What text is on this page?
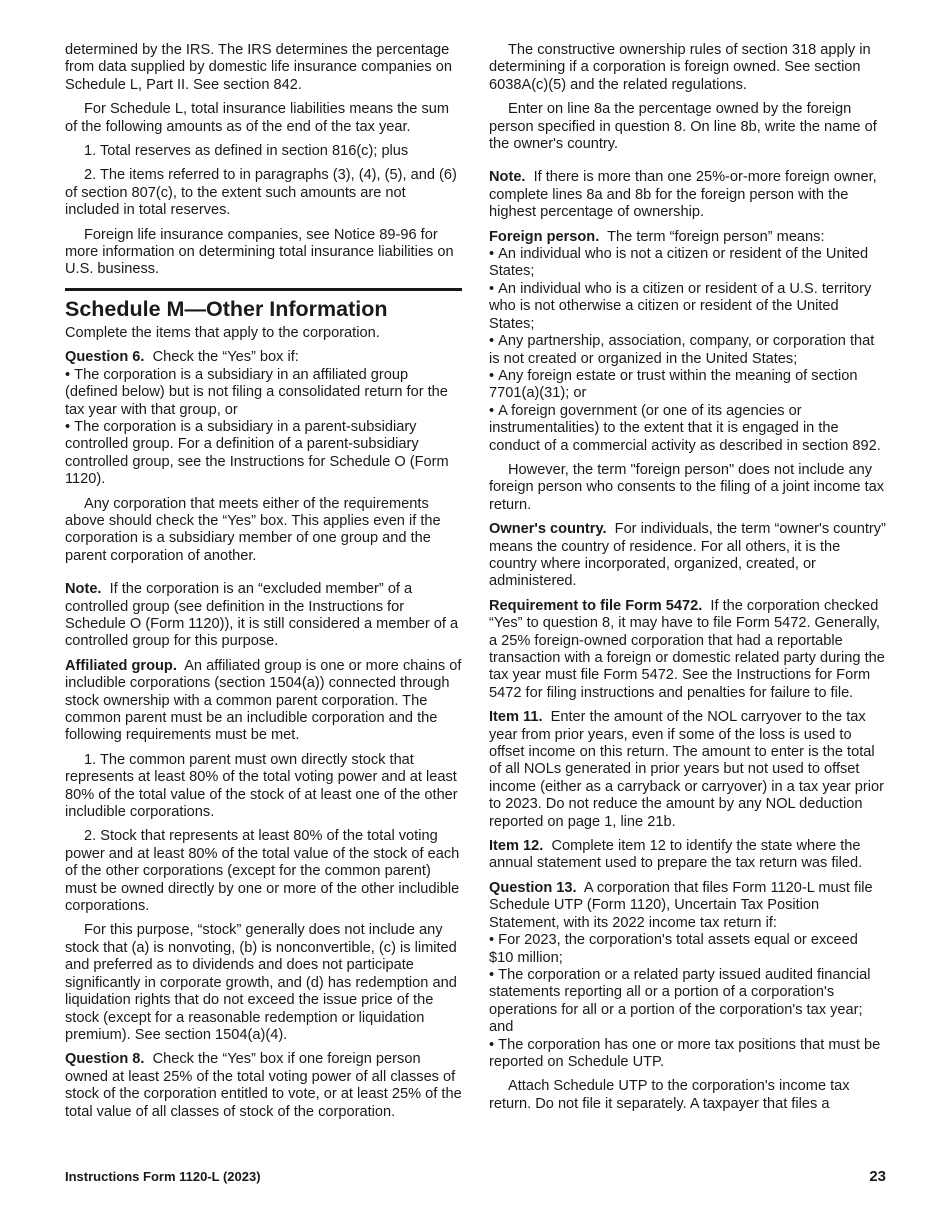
determined by the IRS. The IRS determines the percentage from data supplied by domestic life insurance companies on Schedule L, Part II. See section 842.

For Schedule L, total insurance liabilities means the sum of the following amounts as of the end of the tax year.

1. Total reserves as defined in section 816(c); plus

2. The items referred to in paragraphs (3), (4), (5), and (6) of section 807(c), to the extent such amounts are not included in total reserves.

Foreign life insurance companies, see Notice 89-96 for more information on determining total insurance liabilities on U.S. business.

Schedule M—Other Information

Complete the items that apply to the corporation.

Question 6. Check the “Yes” box if:

• The corporation is a subsidiary in an affiliated group (defined below) but is not filing a consolidated return for the tax year with that group, or

• The corporation is a subsidiary in a parent-subsidiary controlled group. For a definition of a parent-subsidiary controlled group, see the Instructions for Schedule O (Form 1120).

Any corporation that meets either of the requirements above should check the “Yes” box. This applies even if the corporation is a subsidiary member of one group and the parent corporation of another.

Note. If the corporation is an “excluded member” of a controlled group (see definition in the Instructions for Schedule O (Form 1120)), it is still considered a member of a controlled group for this purpose.

Affiliated group. An affiliated group is one or more chains of includible corporations (section 1504(a)) connected through stock ownership with a common parent corporation. The common parent must be an includible corporation and the following requirements must be met.

1. The common parent must own directly stock that represents at least 80% of the total voting power and at least 80% of the total value of the stock of at least one of the other includible corporations.

2. Stock that represents at least 80% of the total voting power and at least 80% of the total value of the stock of each of the other corporations (except for the common parent) must be owned directly by one or more of the other includible corporations.

For this purpose, “stock” generally does not include any stock that (a) is nonvoting, (b) is nonconvertible, (c) is limited and preferred as to dividends and does not participate significantly in corporate growth, and (d) has redemption and liquidation rights that do not exceed the issue price of the stock (except for a reasonable redemption or liquidation premium). See section 1504(a)(4).

Question 8. Check the “Yes” box if one foreign person owned at least 25% of the total voting power of all classes of stock of the corporation entitled to vote, or at least 25% of the total value of all classes of stock of the corporation.

The constructive ownership rules of section 318 apply in determining if a corporation is foreign owned. See section 6038A(c)(5) and the related regulations.

Enter on line 8a the percentage owned by the foreign person specified in question 8. On line 8b, write the name of the owner's country.

Note. If there is more than one 25%-or-more foreign owner, complete lines 8a and 8b for the foreign person with the highest percentage of ownership.

Foreign person. The term “foreign person” means:

• An individual who is not a citizen or resident of the United States;

• An individual who is a citizen or resident of a U.S. territory who is not otherwise a citizen or resident of the United States;

• Any partnership, association, company, or corporation that is not created or organized in the United States;

• Any foreign estate or trust within the meaning of section 7701(a)(31); or

• A foreign government (or one of its agencies or instrumentalities) to the extent that it is engaged in the conduct of a commercial activity as described in section 892.

However, the term "foreign person" does not include any foreign person who consents to the filing of a joint income tax return.

Owner's country. For individuals, the term “owner's country” means the country of residence. For all others, it is the country where incorporated, organized, created, or administered.

Requirement to file Form 5472. If the corporation checked “Yes” to question 8, it may have to file Form 5472. Generally, a 25% foreign-owned corporation that had a reportable transaction with a foreign or domestic related party during the tax year must file Form 5472. See the Instructions for Form 5472 for filing instructions and penalties for failure to file.

Item 11. Enter the amount of the NOL carryover to the tax year from prior years, even if some of the loss is used to offset income on this return. The amount to enter is the total of all NOLs generated in prior years but not used to offset income (either as a carryback or carryover) in a tax year prior to 2023. Do not reduce the amount by any NOL deduction reported on page 1, line 21b.

Item 12. Complete item 12 to identify the state where the annual statement used to prepare the tax return was filed.

Question 13. A corporation that files Form 1120-L must file Schedule UTP (Form 1120), Uncertain Tax Position Statement, with its 2022 income tax return if:

• For 2023, the corporation's total assets equal or exceed $10 million;

• The corporation or a related party issued audited financial statements reporting all or a portion of a corporation's operations for all or a portion of the corporation's tax year; and

• The corporation has one or more tax positions that must be reported on Schedule UTP.

Attach Schedule UTP to the corporation's income tax return. Do not file it separately. A taxpayer that files a

Instructions Form 1120-L (2023)	23
